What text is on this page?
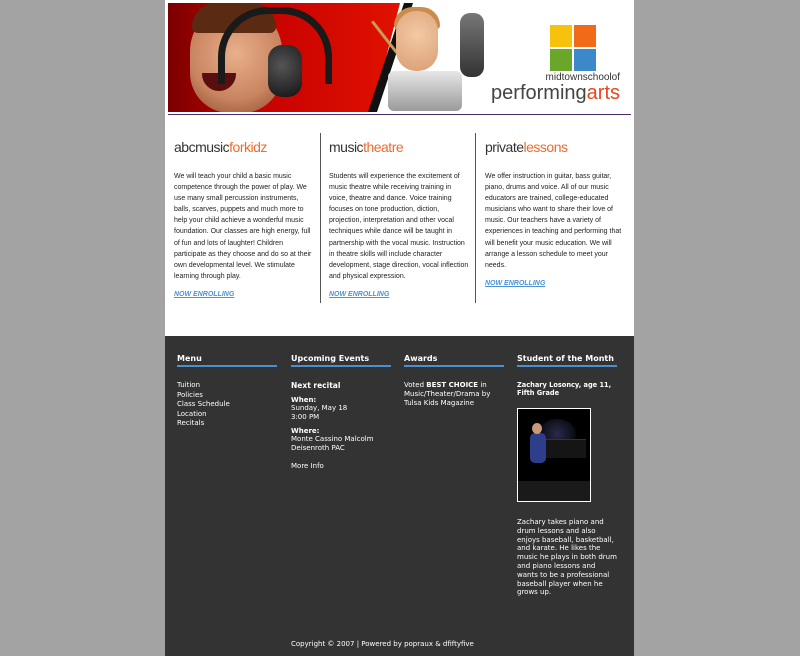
midtownschoolof
performingarts
abcmusicforkidz
We will teach your child a basic music competence through the power of play. We use many small percussion instruments, balls, scarves, puppets and much more to help your child achieve a wonderful music foundation. Our classes are high energy, full of fun and lots of laughter! Children participate as they choose and do so at their own developmental level. We stimulate learning through play.
NOW ENROLLING
musictheatre
Students will experience the excitement of music theatre while receiving training in voice, theatre and dance. Voice training focuses on tone production, diction, projection, interpretation and other vocal techniques while dance will be taught in partnership with the vocal music. Instruction in theatre skills will include character development, stage direction, vocal inflection and physical expression.
NOW ENROLLING
privatelessons
We offer instruction in guitar, bass guitar, piano, drums and voice. All of our music educators are trained, college-educated musicians who want to share their love of music. Our teachers have a variety of experiences in teaching and performing that will benefit your music education. We will arrange a lesson schedule to meet your needs.
NOW ENROLLING
Menu
Tuition
Policies
Class Schedule
Location
Recitals
Upcoming Events
Next recital
When:
Sunday, May 18
3:00 PM
Where:
Monte Cassino Malcolm
Deisenroth PAC
More Info
Awards
Voted BEST CHOICE in Music/Theater/Drama by Tulsa Kids Magazine
Student of the Month
Zachary Losoncy, age 11, Fifth Grade
Zachary takes piano and drum lessons and also enjoys baseball, basketball, and karate. He likes the music he plays in both drum and piano lessons and wants to be a professional baseball player when he grows up.
Copyright © 2007 | Powered by popraux & dfiftyfive
